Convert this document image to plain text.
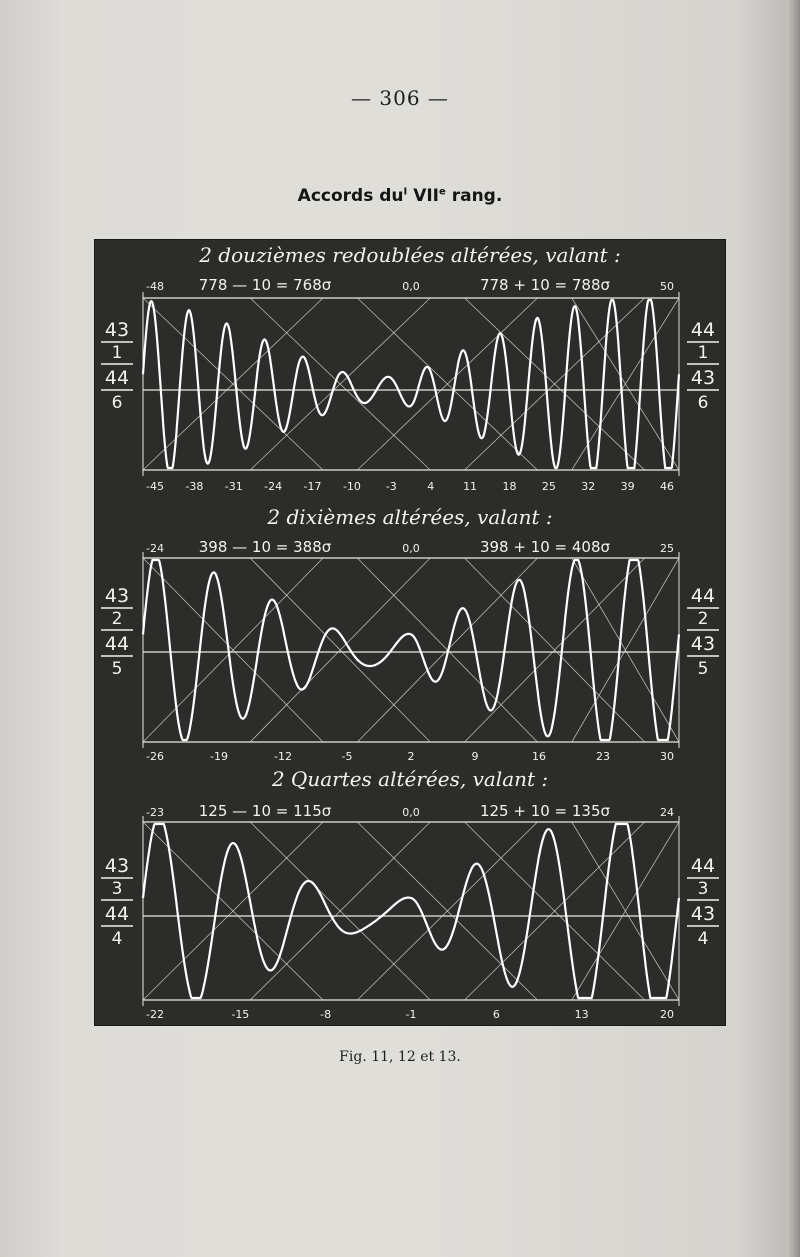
— 306 —
Accords $du^I$ VIIe rang.
2 douzièmes redoublées altérées, valant :
778 — 10 = 768σ	0,0	778 + 10 = 788σ
-48	50
-45 -38 -31 -24 -17 -10 -3	4	11 18 25 32 39 46
43
1
44
6
44
1
43
6
2 dixièmes altérées, valant :
398 — 10 = 388σ	0,0	398 + 10 = 408σ
-24	25
-26	-19	-12	-5	2	9	16	23	30
43
2
44
5
44
2
43
5
2 Quartes altérées, valant :
125 — 10 = 115σ	0,0	125 + 10 = 135σ
-23	24
-22	-15	-8	-1	6	13	20
43
3
44
4
44
3
43
4
Fig. 11, 12 et 13.
